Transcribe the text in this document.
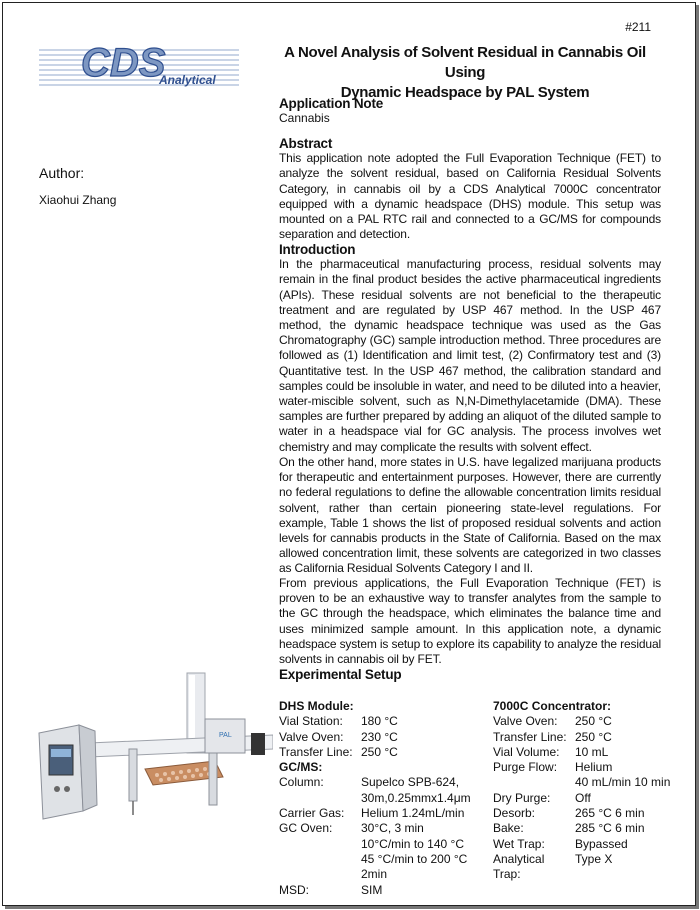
#211
CDS
Analytical
A Novel Analysis of Solvent Residual in Cannabis Oil Using
Dynamic Headspace by PAL System
Author:
Xiaohui Zhang
Application Note
Cannabis
Abstract
This application note adopted the Full Evaporation Technique (FET) to analyze the solvent residual, based on California Residual Solvents Category, in cannabis oil by a CDS Analytical 7000C concentrator equipped with a dynamic headspace (DHS) module. This setup was mounted on a PAL RTC rail and connected to a GC/MS for compounds separation and detection.
Introduction
In the pharmaceutical manufacturing process, residual solvents may remain in the final product besides the active pharmaceutical ingredients (APIs). These residual solvents are not beneficial to the therapeutic treatment and are regulated by USP 467 method. In the USP 467 method, the dynamic headspace technique was used as the Gas Chromatography (GC) sample introduction method. Three procedures are followed as (1) Identification and limit test, (2) Confirmatory test and (3) Quantitative test. In the USP 467 method, the calibration standard and samples could be insoluble in water, and need to be diluted into a heavier, water-miscible solvent, such as N,N-Dimethylacetamide (DMA). These samples are further prepared by adding an aliquot of the diluted sample to water in a headspace vial for GC analysis. The process involves wet chemistry and may complicate the results with solvent effect.
On the other hand, more states in U.S. have legalized marijuana products for therapeutic and entertainment purposes. However, there are currently no federal regulations to define the allowable concentration limits residual solvent, rather than certain pioneering state-level regulations. For example, Table 1 shows the list of proposed residual solvents and action levels for cannabis products in the State of California. Based on the max allowed concentration limit, these solvents are categorized in two classes as California Residual Solvents Category I and II.
From previous applications, the Full Evaporation Technique (FET) is proven to be an exhaustive way to transfer analytes from the sample to the GC through the headspace, which eliminates the balance time and uses minimized sample amount. In this application note, a dynamic headspace system is setup to explore its capability to analyze the residual solvents in cannabis oil by FET.
Experimental Setup
PAL
DHS Module:
Vial Station:	180 °C
Valve Oven:	230 °C
Transfer Line: 250 °C
GC/MS:
Column:	Supelco SPB-624,
30m,0.25mmx1.4μm
Carrier Gas:	Helium 1.24mL/min
GC Oven:	30°C, 3 min
10°C/min to 140 °C
45 °C/min to 200 °C 2min
MSD:	SIM
7000C Concentrator:
Valve Oven:	250 °C
Transfer Line: 250 °C
Vial Volume:	10 mL
Purge Flow:	Helium
40 mL/min 10 min
Dry Purge:	Off
Desorb:	265 °C 6 min
Bake:	285 °C 6 min
Wet Trap:	Bypassed
Analytical Trap:
Type X
